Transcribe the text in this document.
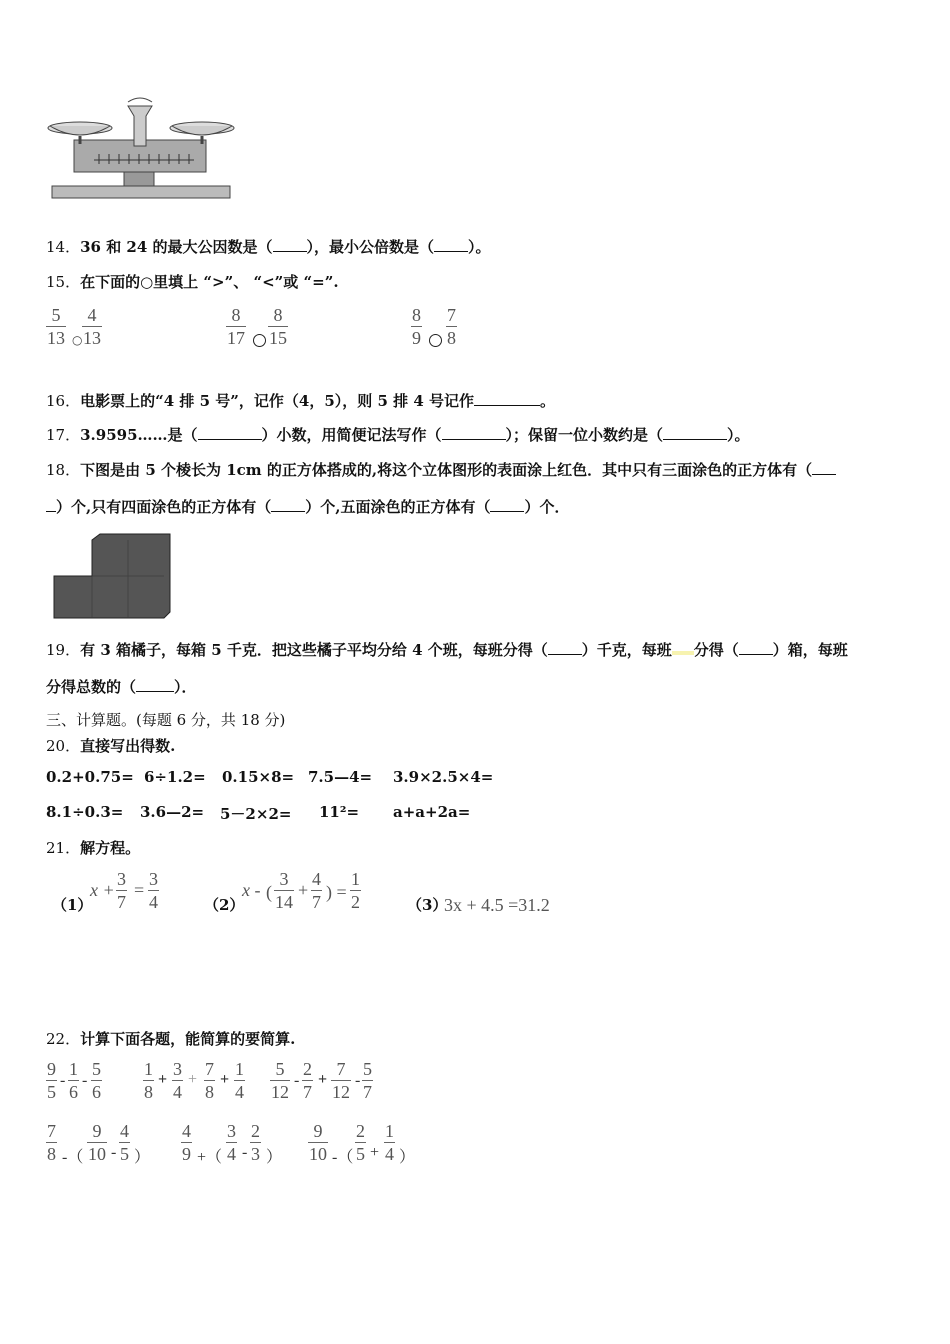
14．36 和 24 的最大公因数是（ ），最小公倍数是（ ）。
15．在下面的○里填上 “>”、 “<”或 “=”.
$\frac{5}{13}$ ○ $\frac{4}{13}$	$\frac{8}{17} \frac{8}{15}$	$\frac{8}{9} \frac{7}{8}$
16．电影票上的“4 排 5 号”，记作（4，5），则 5 排 4 号记作	。
17．3.9595……是（	）小数，用简便记法写作（	）；保留一位小数约是（	）。
18．下图是由 5 个棱长为 1cm 的正方体搭成的,将这个立体图形的表面涂上红色．其中只有三面涂色的正方体有（
）个,只有四面涂色的正方体有（ ）个,五面涂色的正方体有（ ）个．
19．有 3 箱橘子，每箱 5 千克．把这些橘子平均分给 4 个班，每班分得（ ）千克，每班 分得（ ）箱，每班
分得总数的（	）．
三、计算题。(每题 6 分，共 18 分)
20．直接写出得数.
0.2+0.75= 6÷1.2= 0.15×8= 7.5—4= 3.9×2.5×4=
8.1÷0.3= 3.6—2= 5－2×2= 11²= a+a+2a=
21．解方程。
（1）
$x + \frac{3}{7} = \frac{3}{4}$	（2）
x - ( $\frac{3}{14} + \frac{4}{7}$ ) = $\frac{1}{2}$	（3）
3x + 4.5 =31.2
22．计算下面各题，能简算的要简算.
$\frac{9}{5} - \frac{1}{6} - \frac{5}{6} \frac{1}{8} + \frac{3}{4} + \frac{7}{8} + \frac{1}{4} \frac{5}{12} - \frac{2}{7} + \frac{7}{12} - \frac{5}{7}$
$\frac{7}{8}$ -（ $\frac{9}{10} - \frac{4}{5}$ ） $\frac{4}{9}$ +（ $\frac{3}{4} - \frac{2}{3}$ ） $\frac{9}{10}$ -（ $\frac{2}{5} + \frac{1}{4}$ ）
